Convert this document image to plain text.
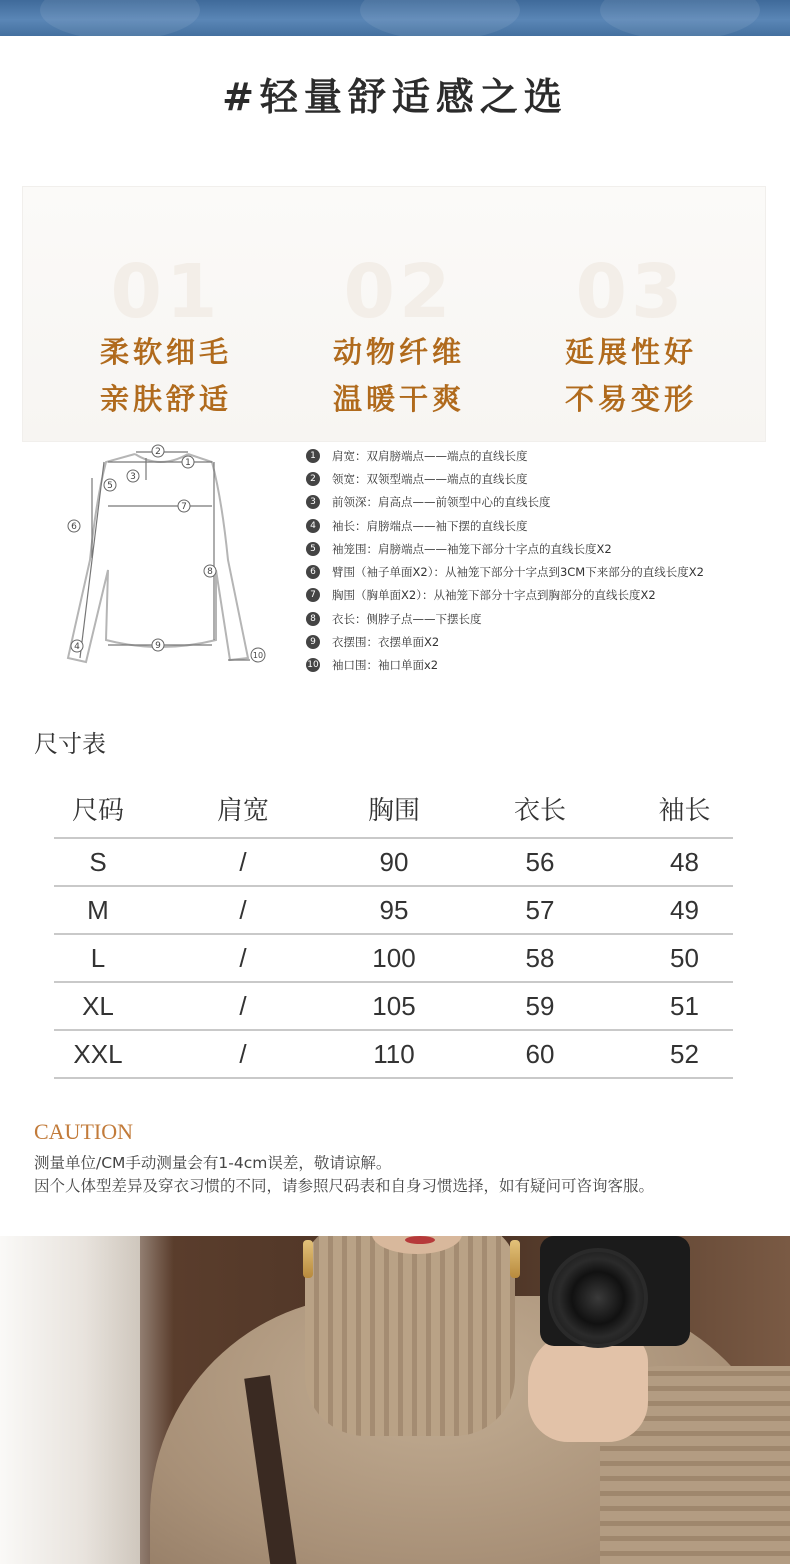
#轻量舒适感之选
01
柔软细毛
亲肤舒适
02
动物纤维
温暖干爽
03
延展性好
不易变形
2
3
1
5
6
7
8
4	9
10
1	肩宽：双肩膀端点——端点的直线长度
2	领宽：双领型端点——端点的直线长度
3	前领深：肩高点——前领型中心的直线长度
4	袖长：肩膀端点——袖下摆的直线长度
5	袖笼围：肩膀端点——袖笼下部分十字点的直线长度X2
6	臂围（袖子单面X2）：从袖笼下部分十字点到3CM下来部分的直线长度X2
7	胸围（胸单面X2）：从袖笼下部分十字点到胸部分的直线长度X2
8	衣长：侧脖子点——下摆长度
9	衣摆围：衣摆单面X2
10 袖口围：袖口单面x2
尺寸表
尺码	肩宽	胸围	衣长	袖长
S	/	90	56	48
M	/	95	57	49
L	/	100	58	50
XL	/	105	59	51
XXL	/	110	60	52
CAUTION
测量单位/CM手动测量会有1-4cm误差，敬请谅解。
因个人体型差异及穿衣习惯的不同，请参照尺码表和自身习惯选择，如有疑问可咨询客服。
